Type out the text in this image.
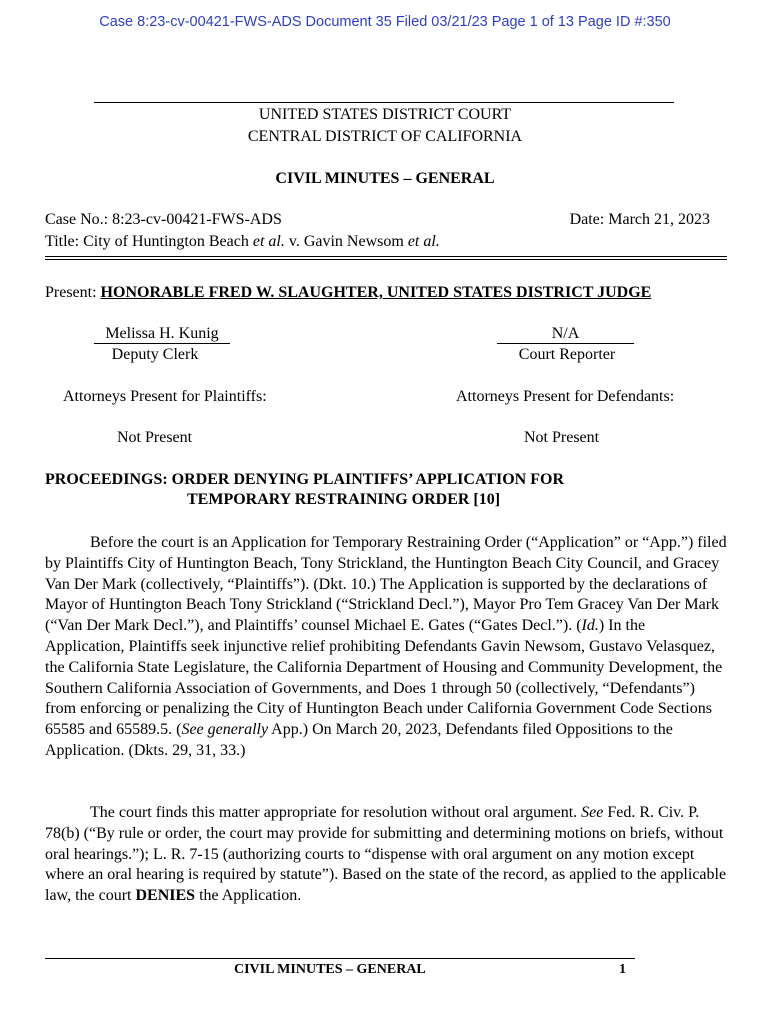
Case 8:23-cv-00421-FWS-ADS Document 35 Filed 03/21/23 Page 1 of 13 Page ID #:350
UNITED STATES DISTRICT COURT
CENTRAL DISTRICT OF CALIFORNIA
CIVIL MINUTES – GENERAL
Case No.: 8:23-cv-00421-FWS-ADS	Date: March 21, 2023
Title: City of Huntington Beach et al. v. Gavin Newsom et al.
Present: HONORABLE FRED W. SLAUGHTER, UNITED STATES DISTRICT JUDGE
Melissa H. Kunig
Deputy Clerk
N/A
Court Reporter
Attorneys Present for Plaintiffs:	Attorneys Present for Defendants:
Not Present	Not Present
PROCEEDINGS: ORDER DENYING PLAINTIFFS’ APPLICATION FOR
TEMPORARY RESTRAINING ORDER [10]
Before the court is an Application for Temporary Restraining Order (“Application” or “App.”) filed by Plaintiffs City of Huntington Beach, Tony Strickland, the Huntington Beach City Council, and Gracey Van Der Mark (collectively, “Plaintiffs”). (Dkt. 10.) The Application is supported by the declarations of Mayor of Huntington Beach Tony Strickland (“Strickland Decl.”), Mayor Pro Tem Gracey Van Der Mark (“Van Der Mark Decl.”), and Plaintiffs’ counsel Michael E. Gates (“Gates Decl.”). (Id.) In the Application, Plaintiffs seek injunctive relief prohibiting Defendants Gavin Newsom, Gustavo Velasquez, the California State Legislature, the California Department of Housing and Community Development, the Southern California Association of Governments, and Does 1 through 50 (collectively, “Defendants”) from enforcing or penalizing the City of Huntington Beach under California Government Code Sections 65585 and 65589.5. (See generally App.) On March 20, 2023, Defendants filed Oppositions to the Application. (Dkts. 29, 31, 33.)
The court finds this matter appropriate for resolution without oral argument. See Fed. R. Civ. P. 78(b) (“By rule or order, the court may provide for submitting and determining motions on briefs, without oral hearings.”); L. R. 7-15 (authorizing courts to “dispense with oral argument on any motion except where an oral hearing is required by statute”). Based on the state of the record, as applied to the applicable law, the court DENIES the Application.
CIVIL MINUTES – GENERAL	1
